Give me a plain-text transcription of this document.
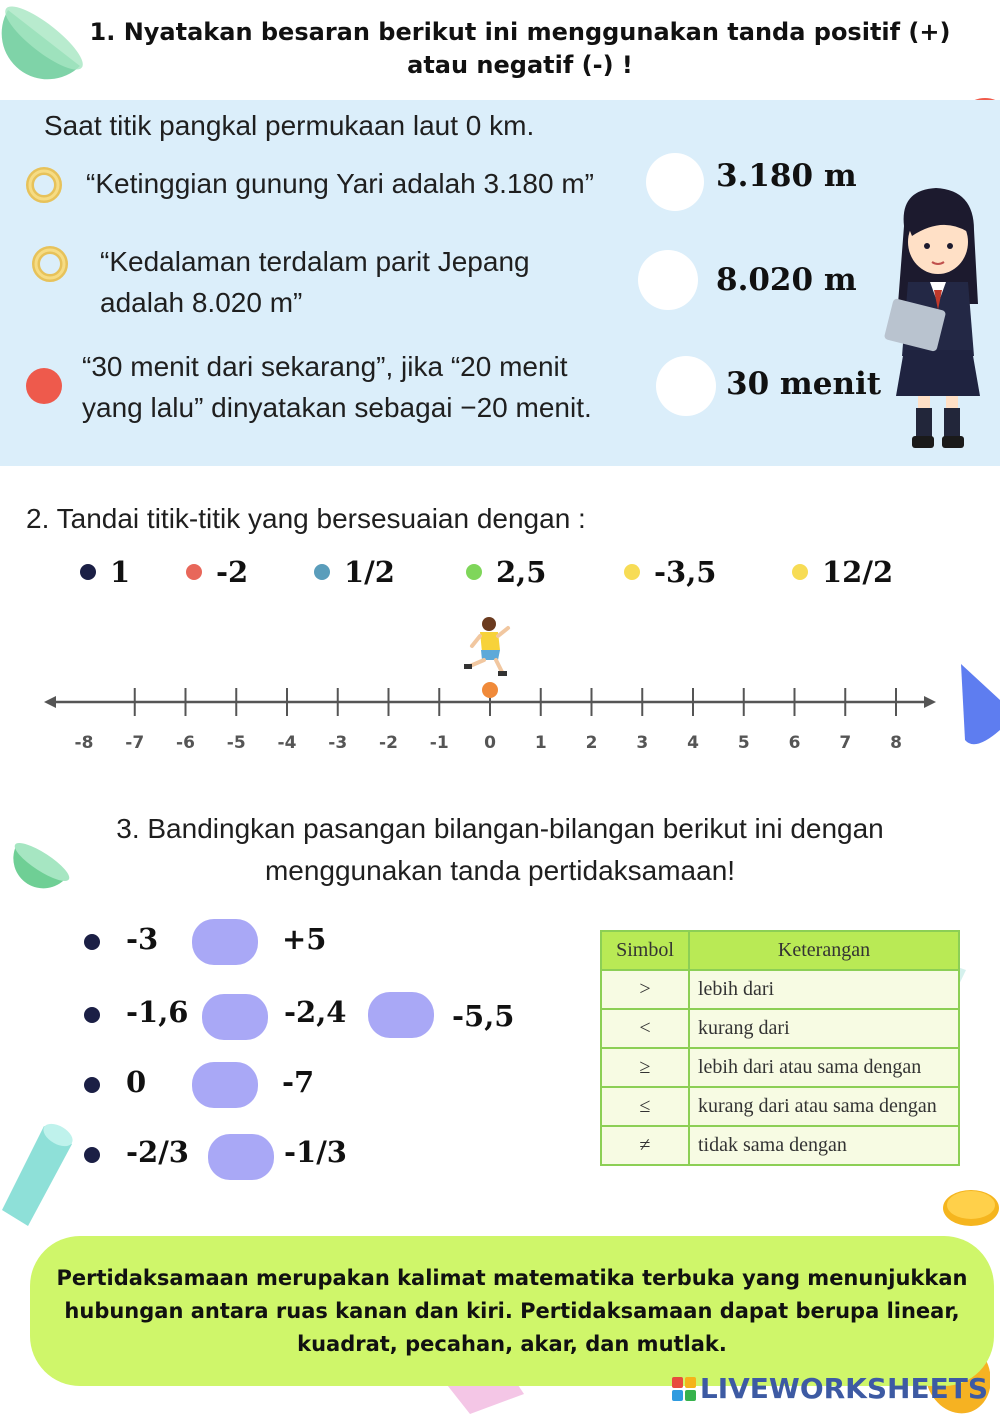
1. Nyatakan besaran berikut ini menggunakan tanda positif (+)
atau negatif (-) !
Saat titik pangkal permukaan laut 0 km.
“Ketinggian gunung Yari adalah 3.180 m”	3.180 m
“Kedalaman terdalam parit Jepang
adalah 8.020 m”
8.020 m
“30 menit dari sekarang”, jika “20 menit
yang lalu” dinyatakan sebagai −20 menit.
30 menit
2. Tandai titik-titik yang bersesuaian dengan :
1	-2	1/2	2,5	-3,5	12/2
-8 -7 -6 -5 -4 -3 -2 -1 0 1 2 3 4 5 6 7 8
3. Bandingkan pasangan bilangan-bilangan berikut ini dengan
menggunakan tanda pertidaksamaan!
-3	+5
-1,6	-2,4	-5,5
0	-7
-2/3	-1/3
Simbol	Keterangan
>	lebih dari
<	kurang dari
≥	lebih dari atau sama dengan
≤	kurang dari atau sama dengan
≠	tidak sama dengan
Pertidaksamaan merupakan kalimat matematika terbuka yang menunjukkan
hubungan antara ruas kanan dan kiri. Pertidaksamaan dapat berupa linear,
kuadrat, pecahan, akar, dan mutlak.
LIVEWORKSHEETS
